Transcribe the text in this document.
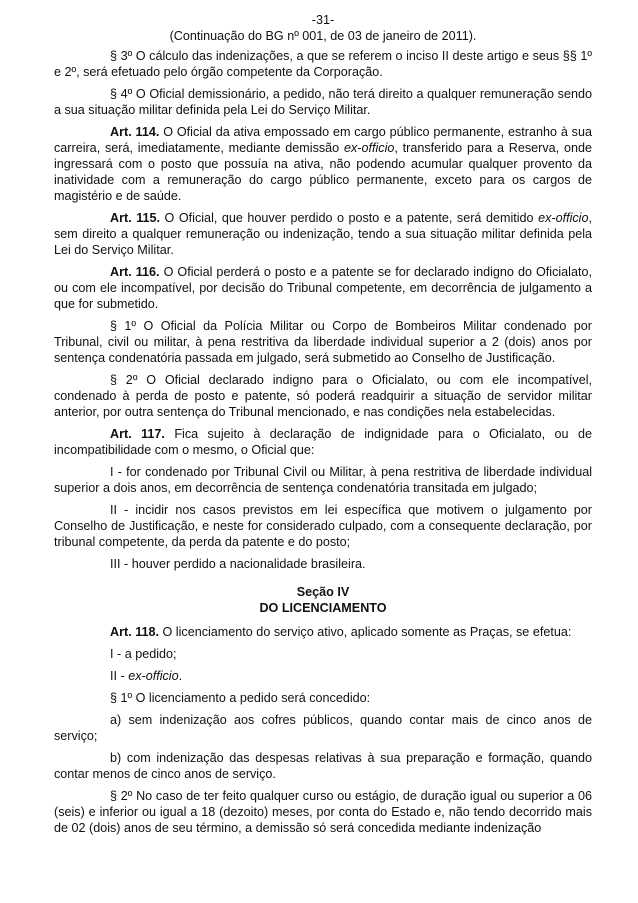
-31-
(Continuação do BG nº 001, de 03 de janeiro de 2011).

§ 3º O cálculo das indenizações, a que se referem o inciso II deste artigo e seus §§ 1º e 2º, será efetuado pelo órgão competente da Corporação.

§ 4º O Oficial demissionário, a pedido, não terá direito a qualquer remuneração sendo a sua situação militar definida pela Lei do Serviço Militar.

Art. 114. O Oficial da ativa empossado em cargo público permanente, estranho à sua carreira, será, imediatamente, mediante demissão ex-officio, transferido para a Reserva, onde ingressará com o posto que possuía na ativa, não podendo acumular qualquer provento da inatividade com a remuneração do cargo público permanente, exceto para os cargos de magistério e de saúde.

Art. 115. O Oficial, que houver perdido o posto e a patente, será demitido ex-officio, sem direito a qualquer remuneração ou indenização, tendo a sua situação militar definida pela Lei do Serviço Militar.

Art. 116. O Oficial perderá o posto e a patente se for declarado indigno do Oficialato, ou com ele incompatível, por decisão do Tribunal competente, em decorrência de julgamento a que for submetido.

§ 1º O Oficial da Polícia Militar ou Corpo de Bombeiros Militar condenado por Tribunal, civil ou militar, à pena restritiva da liberdade individual superior a 2 (dois) anos por sentença condenatória passada em julgado, será submetido ao Conselho de Justificação.

§ 2º O Oficial declarado indigno para o Oficialato, ou com ele incompatível, condenado à perda de posto e patente, só poderá readquirir a situação de servidor militar anterior, por outra sentença do Tribunal mencionado, e nas condições nela estabelecidas.

Art. 117. Fica sujeito à declaração de indignidade para o Oficialato, ou de incompatibilidade com o mesmo, o Oficial que:

I - for condenado por Tribunal Civil ou Militar, à pena restritiva de liberdade individual superior a dois anos, em decorrência de sentença condenatória transitada em julgado;

II - incidir nos casos previstos em lei específica que motivem o julgamento por Conselho de Justificação, e neste for considerado culpado, com a consequente declaração, por tribunal competente, da perda da patente e do posto;

III - houver perdido a nacionalidade brasileira.

Seção IV
DO LICENCIAMENTO

Art. 118. O licenciamento do serviço ativo, aplicado somente as Praças, se efetua:

I - a pedido;

II - ex-officio.

§ 1º O licenciamento a pedido será concedido:

a) sem indenização aos cofres públicos, quando contar mais de cinco anos de serviço;

b) com indenização das despesas relativas à sua preparação e formação, quando contar menos de cinco anos de serviço.

§ 2º No caso de ter feito qualquer curso ou estágio, de duração igual ou superior a 06 (seis) e inferior ou igual a 18 (dezoito) meses, por conta do Estado e, não tendo decorrido mais de 02 (dois) anos de seu término, a demissão só será concedida mediante indenização
